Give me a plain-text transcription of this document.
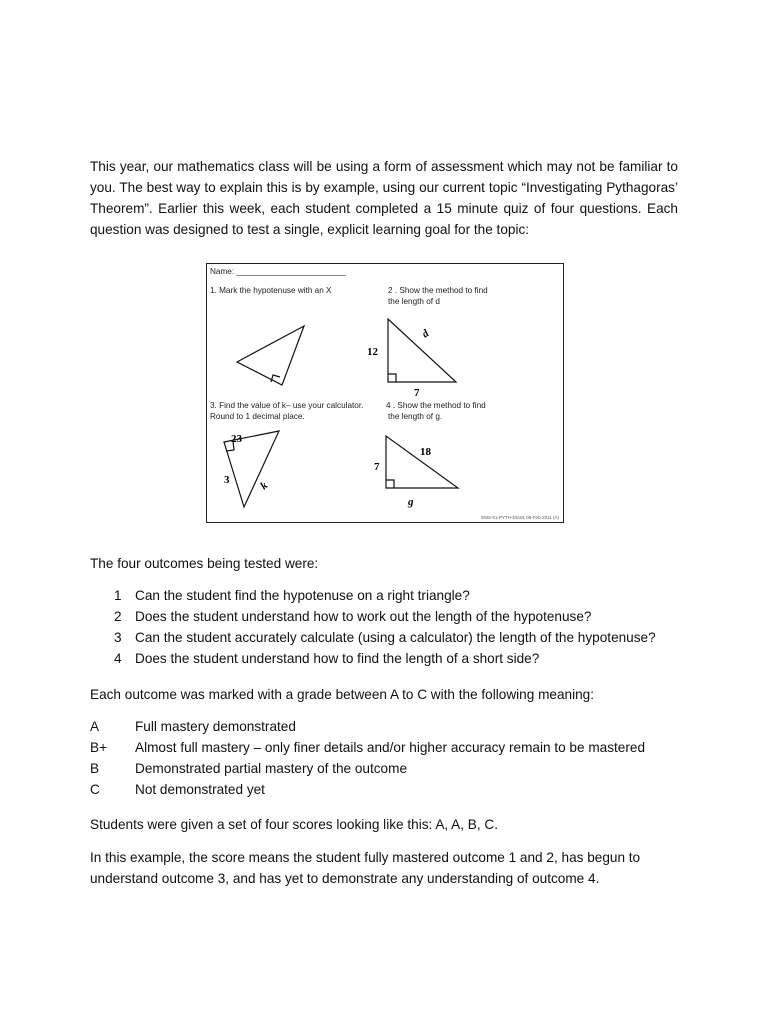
This year, our mathematics class will be using a form of assessment which may not be familiar to you. The best way to explain this is by example, using our current topic “Investigating Pythagoras’ Theorem”. Earlier this week, each student completed a 15 minute quiz of four questions. Each question was designed to test a single, explicit learning goal for the topic:

Name: ________________________

1. Mark the hypotenuse with an X	2 . Show the method to find

the length of d

3. Find the value of k– use your calculator.

Round to 1 decimal place.

4 . Show the method to find

the length of g.

12
7
d
23
3	k
7
18
g

EMS-01-PYTH-DIA01 08-Feb-2011 (A)

The four outcomes being tested were:

1 Can the student find the hypotenuse on a right triangle?
2 Does the student understand how to work out the length of the hypotenuse?
3 Can the student accurately calculate (using a calculator) the length of the hypotenuse?
4 Does the student understand how to find the length of a short side?

Each outcome was marked with a grade between A to C with the following meaning:

A	Full mastery demonstrated
B+ Almost full mastery – only finer details and/or higher accuracy remain to be mastered
B	Demonstrated partial mastery of the outcome
C	Not demonstrated yet

Students were given a set of four scores looking like this: A, A, B, C.

In this example, the score means the student fully mastered outcome 1 and 2, has begun to understand outcome 3, and has yet to demonstrate any understanding of outcome 4.
